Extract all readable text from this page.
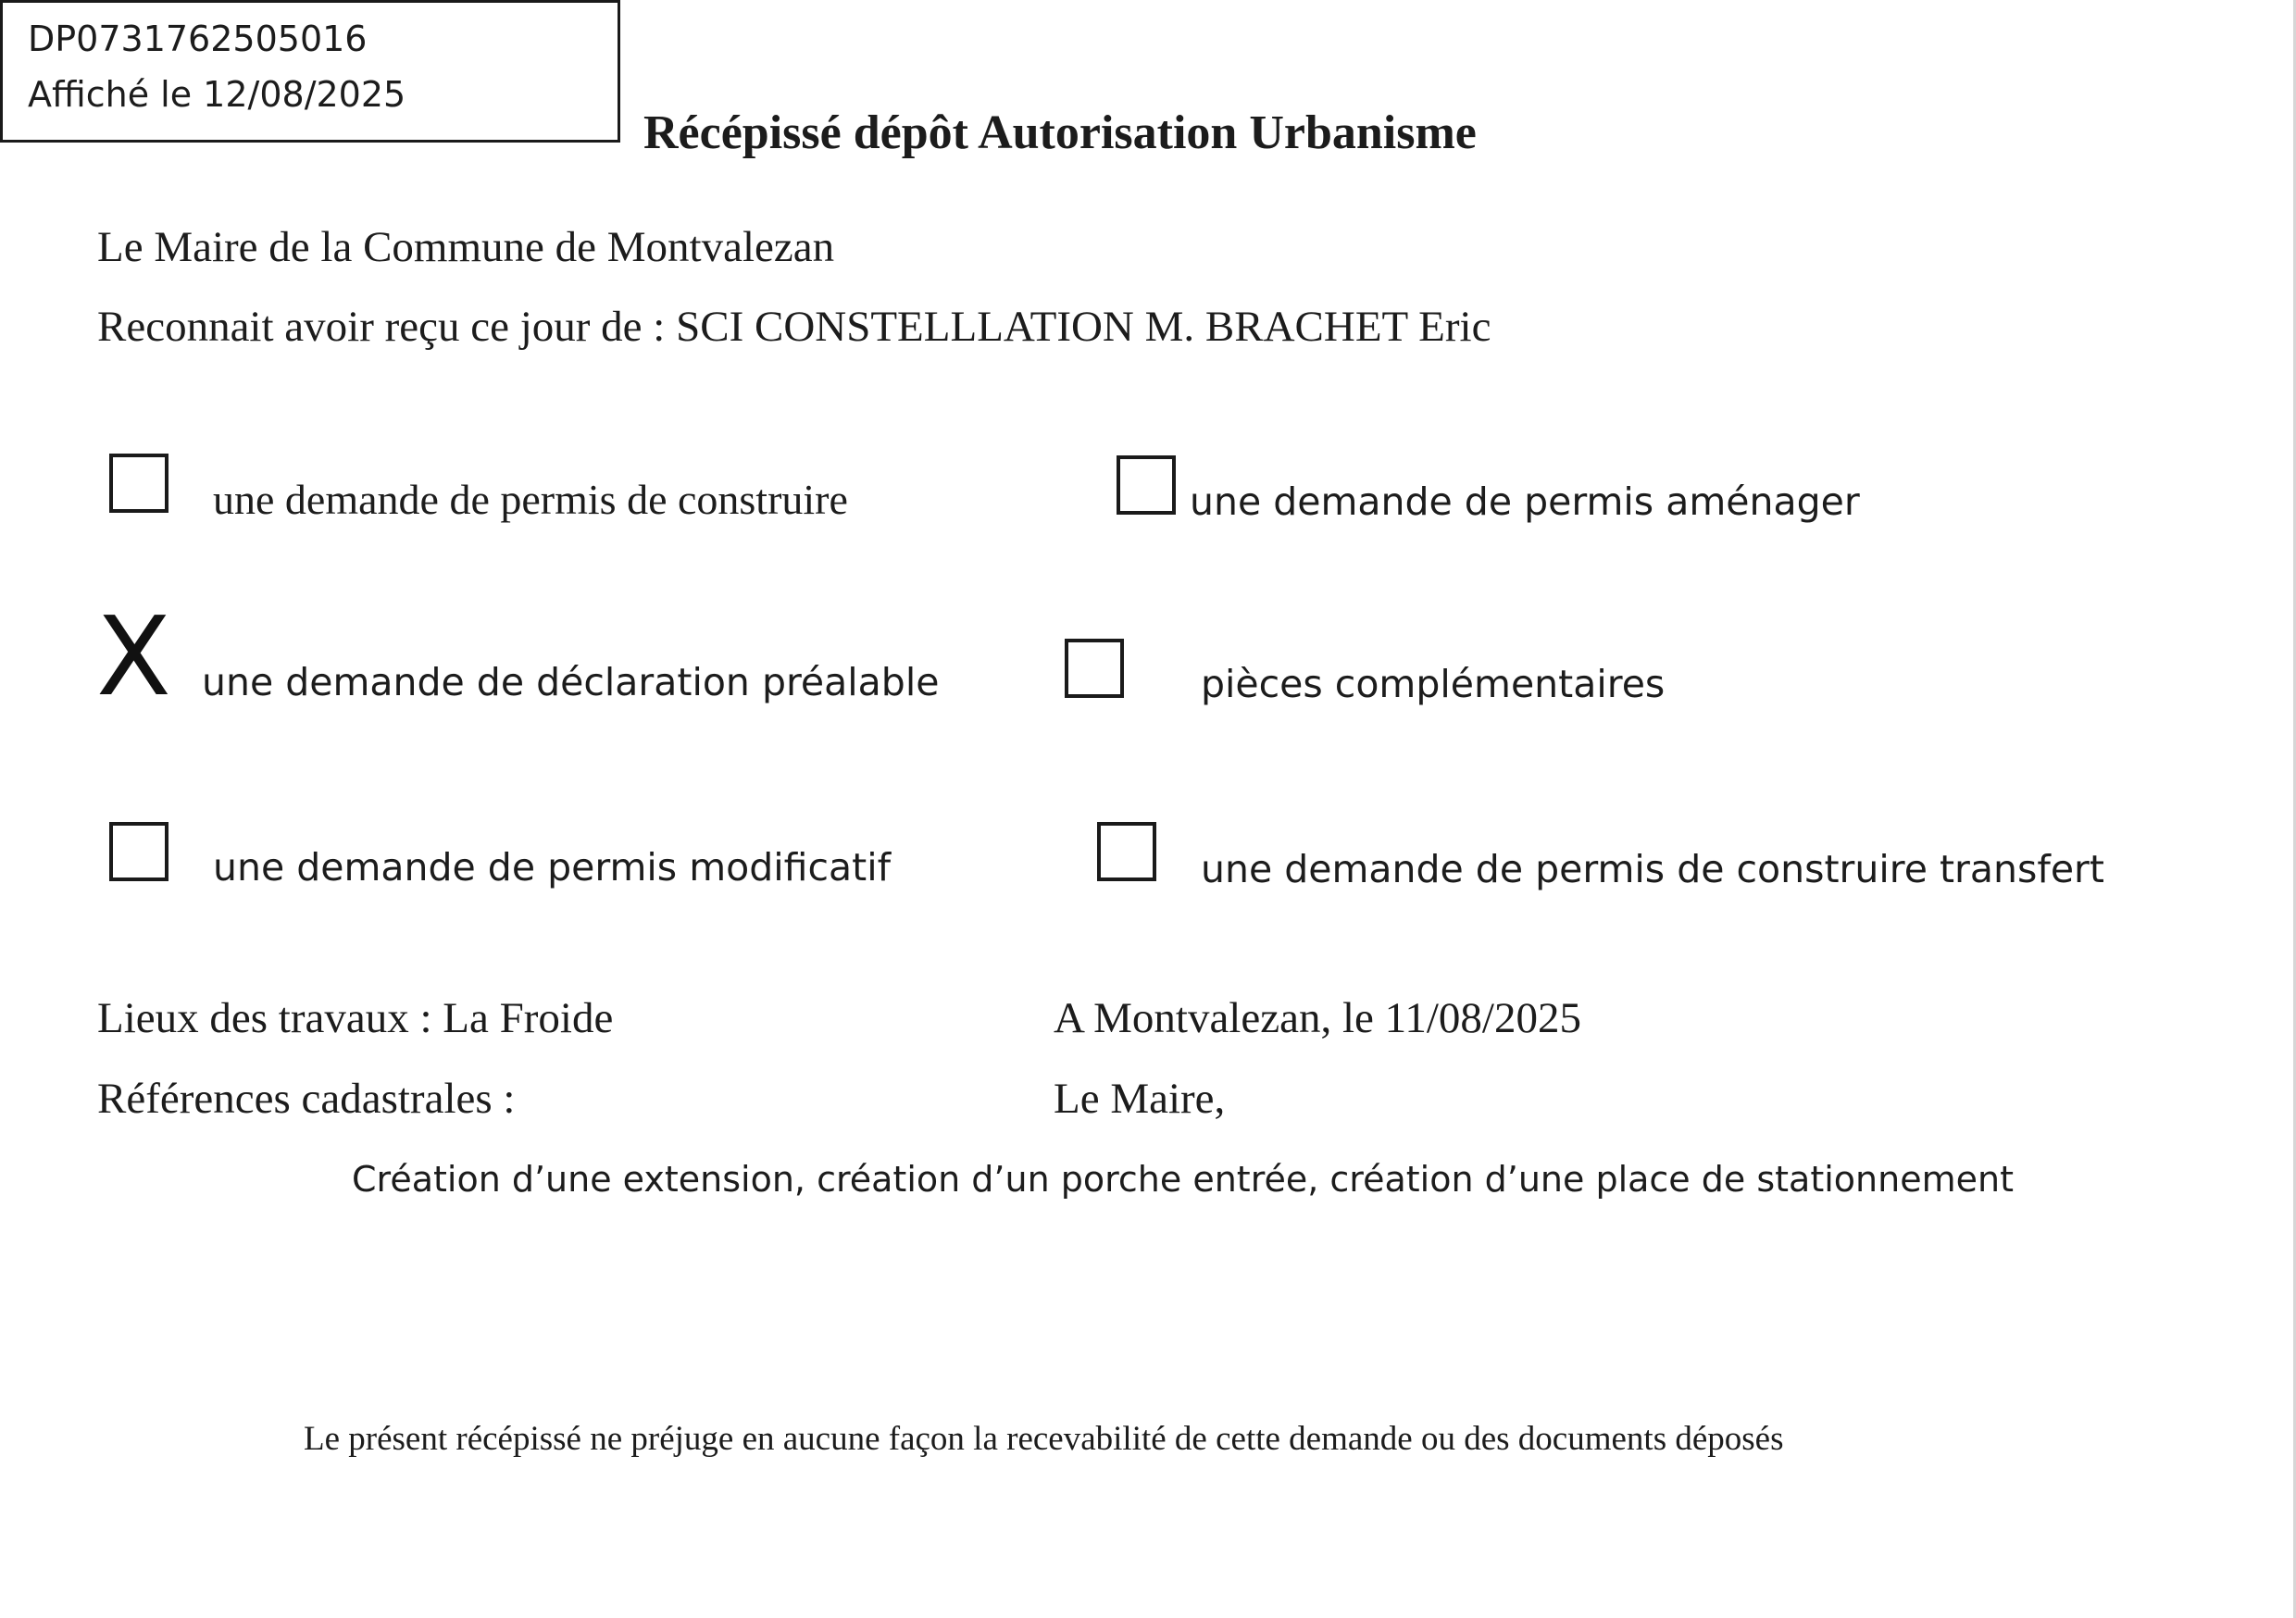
Récépissé dépôt Autorisation Urbanisme
DP0731762505016
Affiché le 12/08/2025
Le Maire de la Commune de Montvalezan
Reconnait avoir reçu ce jour de : SCI CONSTELLLATION M. BRACHET Eric
une demande de permis de construire	une demande de permis aménager
X une demande de déclaration préalable	pièces complémentaires
une demande de permis modificatif	une demande de permis de construire transfert
Lieux des travaux : La Froide
Références cadastrales :
A Montvalezan, le 11/08/2025
Le Maire,
Création d’une extension, création d’un porche entrée, création d’une place de stationnement
Le présent récépissé ne préjuge en aucune façon la recevabilité de cette demande ou des documents déposés
